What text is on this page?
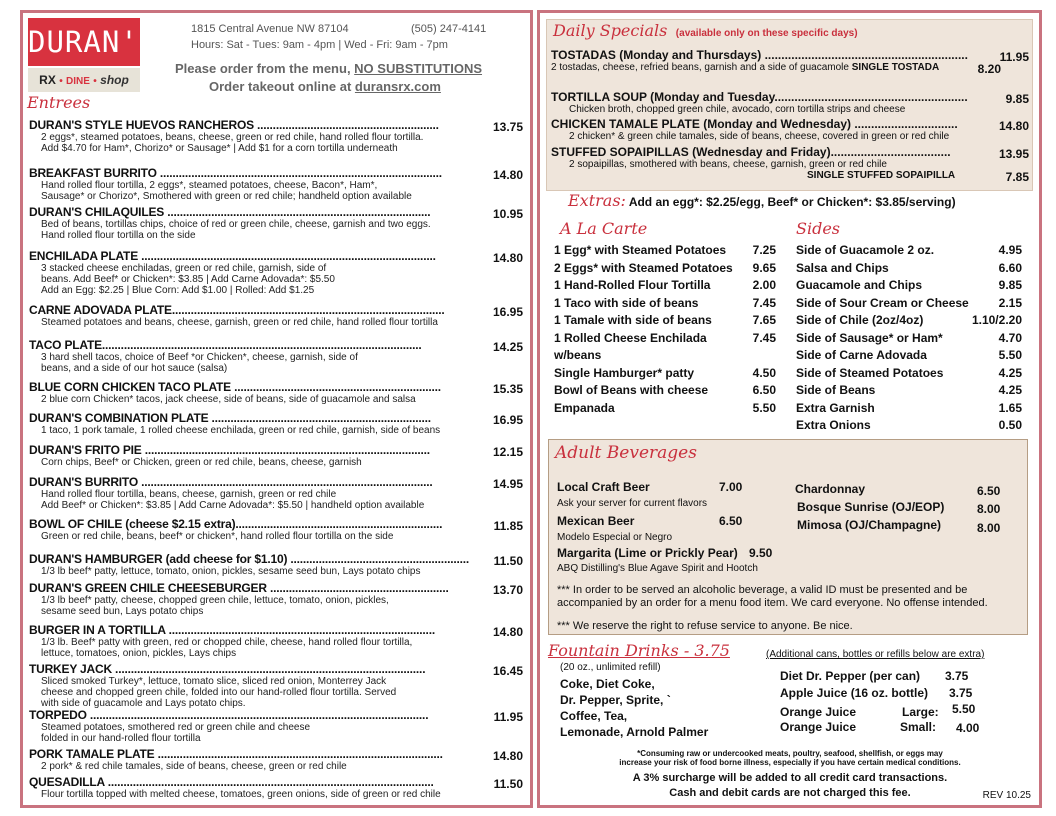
DURAN'S
RX • DINE • shop
1815 Central Avenue NW 87104	(505) 247-4141
Hours: Sat - Tues: 9am - 4pm | Wed - Fri: 9am - 7pm
Please order from the menu, NO SUBSTITUTIONS
Order takeout online at duransrx.com
Entrees
DURAN'S STYLE HUEVOS RANCHEROS ..........................................................	13.75
2 eggs*, steamed potatoes, beans, cheese, green or red chile, hand rolled flour tortilla.
Add $4.70 for Ham*, Chorizo* or Sausage* | Add $1 for a corn tortilla underneath
BREAKFAST BURRITO ..........................................................................................	14.80
Hand rolled flour tortilla, 2 eggs*, steamed potatoes, cheese, Bacon*, Ham*,
Sausage* or Chorizo*, Smothered with green or red chile; handheld option available
DURAN'S CHILAQUILES ....................................................................................	10.95
Bed of beans, tortillas chips, choice of red or green chile, cheese, garnish and two eggs.
Hand rolled flour tortilla on the side
ENCHILADA PLATE ..............................................................................................	14.80
3 stacked cheese enchiladas, green or red chile, garnish, side of
beans. Add Beef* or Chicken*: $3.85 | Add Carne Adovada*: $5.50
Add an Egg: $2.25 | Blue Corn: Add $1.00 | Rolled: Add $1.25
CARNE ADOVADA PLATE.......................................................................................	16.95
Steamed potatoes and beans, cheese, garnish, green or red chile, hand rolled flour tortilla
TACO PLATE......................................................................................................	14.25
3 hard shell tacos, choice of Beef *or Chicken*, cheese, garnish, side of
beans, and a side of our hot sauce (salsa)
BLUE CORN CHICKEN TACO PLATE ..................................................................	15.35
2 blue corn Chicken* tacos, jack cheese, side of beans, side of guacamole and salsa
DURAN'S COMBINATION PLATE ......................................................................	16.95
1 taco, 1 pork tamale, 1 rolled cheese enchilada, green or red chile, garnish, side of beans
DURAN'S FRITO PIE ...........................................................................................	12.15
Corn chips, Beef* or Chicken, green or red chile, beans, cheese, garnish
DURAN'S BURRITO .............................................................................................	14.95
Hand rolled flour tortilla, beans, cheese, garnish, green or red chile
Add Beef* or Chicken*: $3.85 | Add Carne Adovada*: $5.50 | handheld option available
BOWL OF CHILE (cheese $2.15 extra)..................................................................	11.85
Green or red chile, beans, beef* or chicken*, hand rolled flour tortilla on the side
DURAN'S HAMBURGER (add cheese for $1.10) ......................................................... 11.50
1/3 lb beef* patty, lettuce, tomato, onion, pickles, sesame seed bun, Lays potato chips
DURAN'S GREEN CHILE CHEESEBURGER .........................................................	13.70
1/3 lb beef* patty, cheese, chopped green chile, lettuce, tomato, onion, pickles,
sesame seed bun, Lays potato chips
BURGER IN A TORTILLA .....................................................................................	14.80
1/3 lb. Beef* patty with green, red or chopped chile, cheese, hand rolled flour tortilla,
lettuce, tomatoes, onion, pickles, Lays chips
TURKEY JACK ...................................................................................................	16.45
Sliced smoked Turkey*, lettuce, tomato slice, sliced red onion, Monterrey Jack
cheese and chopped green chile, folded into our hand-rolled flour tortilla. Served
with side of guacamole and Lays potato chips.
TORPEDO ............................................................................................................	11.95
Steamed potatoes, smothered red or green chile and cheese
folded in our hand-rolled flour tortilla
PORK TAMALE PLATE ...........................................................................................	14.80
2 pork* & red chile tamales, side of beans, cheese, green or red chile
QUESADILLA ........................................................................................................	11.50
Flour tortilla topped with melted cheese, tomatoes, green onions, side of green or red chile
Daily Specials (available only on these specific days)
TOSTADAS (Monday and Thursdays) .............................................................	11.95
2 tostadas, cheese, refried beans, garnish and a side of guacamole SINGLE TOSTADA	8.20
TORTILLA SOUP (Monday and Tuesday..........................................................	9.85
Chicken broth, chopped green chile, avocado, corn tortilla strips and cheese
CHICKEN TAMALE PLATE (Monday and Wednesday) ...............................	14.80
2 chicken* & green chile tamales, side of beans, cheese, covered in green or red chile
STUFFED SOPAIPILLAS (Wednesday and Friday)....................................	13.95
2 sopaipillas, smothered with beans, cheese, garnish, green or red chile
SINGLE STUFFED SOPAIPILLA	7.85
Extras: Add an egg*: $2.25/egg, Beef* or Chicken*: $3.85/serving)
A La Carte	Sides
1 Egg* with Steamed Potatoes 7.25
2 Eggs* with Steamed Potatoes 9.65
1 Hand-Rolled Flour Tortilla	2.00
1 Taco with side of beans	7.45
1 Tamale with side of beans	7.65
1 Rolled Cheese Enchilada	7.45
w/beans
Single Hamburger* patty	4.50
Bowl of Beans with cheese	6.50
Empanada	5.50
Side of Guacamole 2 oz.	4.95
Salsa and Chips	6.60
Guacamole and Chips	9.85
Side of Sour Cream or Cheese 2.15
Side of Chile (2oz/4oz)	1.10/2.20
Side of Sausage* or Ham*	4.70
Side of Carne Adovada	5.50
Side of Steamed Potatoes	4.25
Side of Beans	4.25
Extra Garnish	1.65
Extra Onions	0.50
Adult Beverages
Local Craft Beer	7.00
Ask your server for current flavors
Mexican Beer	6.50
Modelo Especial or Negro
Margarita (Lime or Prickly Pear) 9.50
ABQ Distilling's Blue Agave Spirit and Hootch
Chardonnay	6.50
Bosque Sunrise (OJ/EOP)	8.00
Mimosa (OJ/Champagne)	8.00
*** In order to be served an alcoholic beverage, a valid ID must be presented and be accompanied by an order for a menu food item. We card everyone. No offense intended.
*** We reserve the right to refuse service to anyone. Be nice.
Fountain Drinks - 3.75
(20 oz., unlimited refill)
Coke, Diet Coke,
Dr. Pepper, Sprite, `
Coffee, Tea,
Lemonade, Arnold Palmer
(Additional cans, bottles or refills below are extra)
Diet Dr. Pepper (per can) 3.75
Apple Juice (16 oz. bottle) 3.75
Orange Juice	Large: 5.50
Orange Juice	Small: 4.00
*Consuming raw or undercooked meats, poultry, seafood, shellfish, or eggs may
increase your risk of food borne illness, especially if you have certain medical conditions.
A 3% surcharge will be added to all credit card transactions.
Cash and debit cards are not charged this fee.	REV 10.25
